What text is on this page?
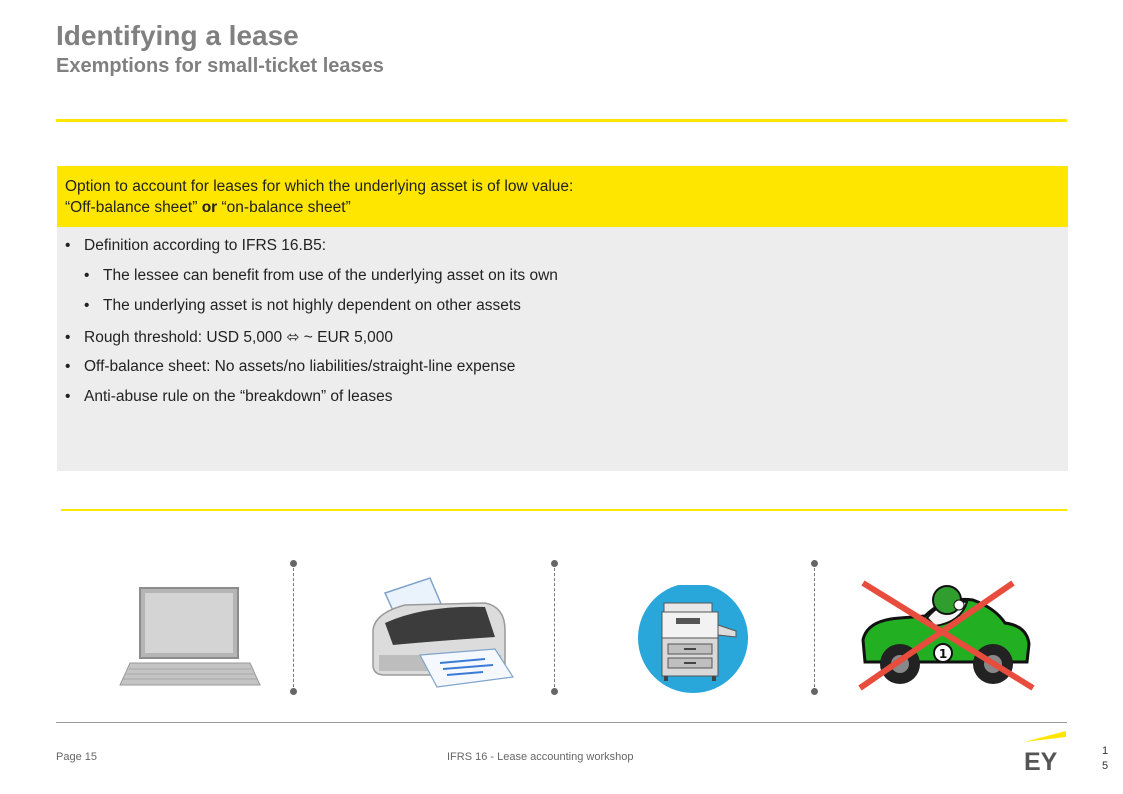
Identifying a lease
Exemptions for small-ticket leases
Option to account for leases for which the underlying asset is of low value:
“Off-balance sheet” or “on-balance sheet”
• Definition according to IFRS 16.B5:
• The lessee can benefit from use of the underlying asset on its own
• The underlying asset is not highly dependent on other assets
• Rough threshold: USD 5,000 ⬄ ~ EUR 5,000
• Off-balance sheet: No assets/no liabilities/straight-line expense
• Anti-abuse rule on the “breakdown” of leases
1
Page 15	IFRS 16 - Lease accounting workshop	EY	1
5
